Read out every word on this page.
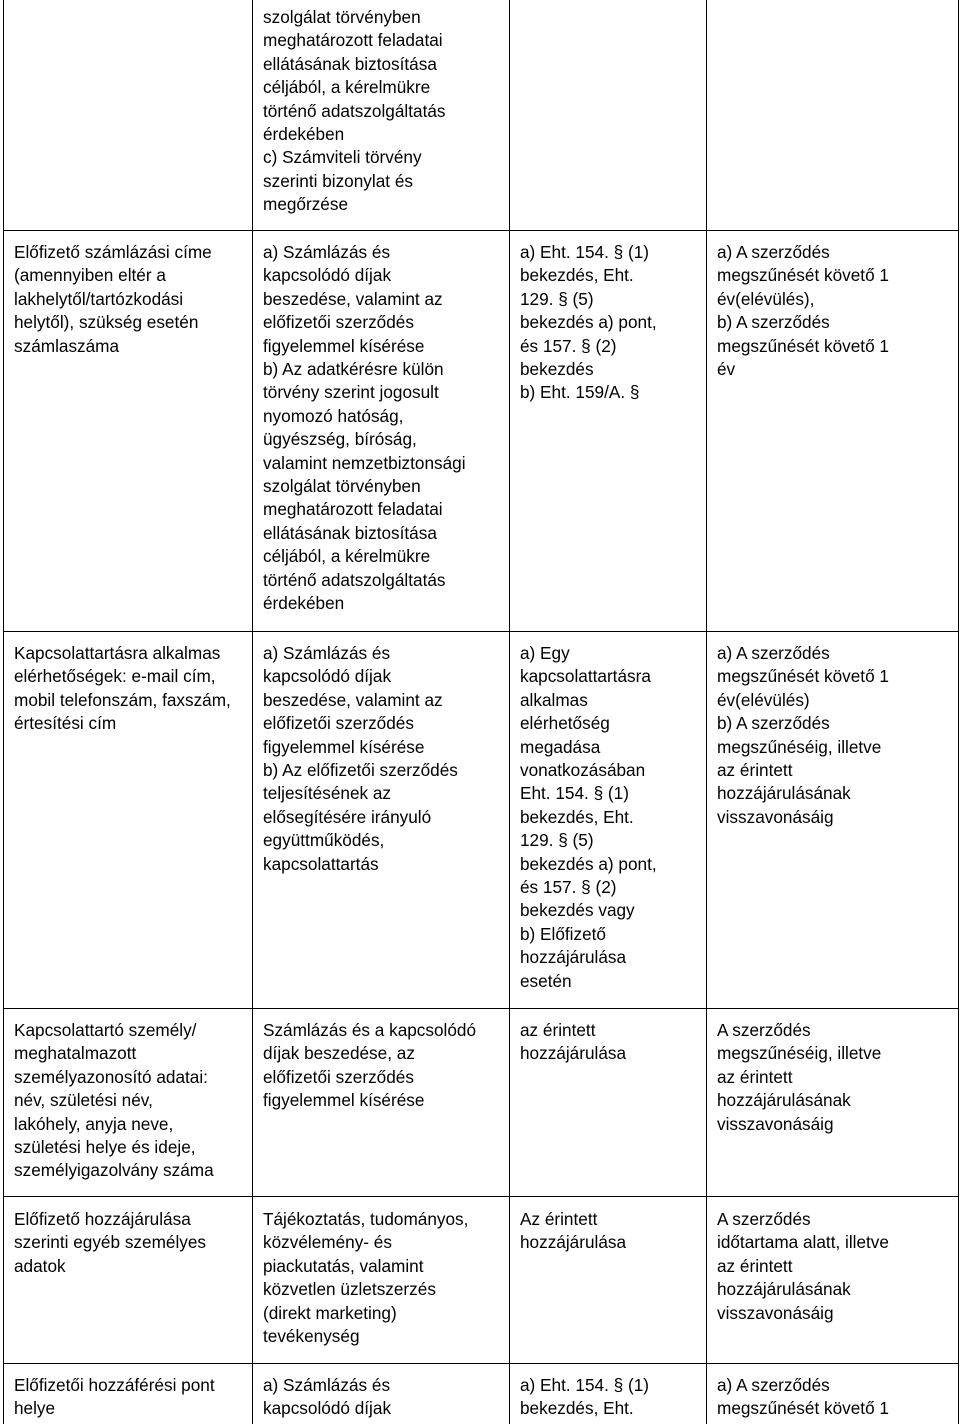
szolgálat törvényben
meghatározott feladatai
ellátásának biztosítása
céljából, a kérelmükre
történő adatszolgáltatás
érdekében
c) Számviteli törvény
szerinti bizonylat és
megőrzése
Előfizető számlázási címe
(amennyiben eltér a
lakhelytől/tartózkodási
helytől), szükség esetén
számlaszáma
a) Számlázás és
kapcsolódó díjak
beszedése, valamint az
előfizetői szerződés
figyelemmel kísérése
b) Az adatkérésre külön
törvény szerint jogosult
nyomozó hatóság,
ügyészség, bíróság,
valamint nemzetbiztonsági
szolgálat törvényben
meghatározott feladatai
ellátásának biztosítása
céljából, a kérelmükre
történő adatszolgáltatás
érdekében
a) Eht. 154. § (1)
bekezdés, Eht.
129. § (5)
bekezdés a) pont,
és 157. § (2)
bekezdés
b) Eht. 159/A. §
a) A szerződés
megszűnését követő 1
év(elévülés),
b) A szerződés
megszűnését követő 1
év
Kapcsolattartásra alkalmas
elérhetőségek: e-mail cím,
mobil telefonszám, faxszám,
értesítési cím
a) Számlázás és
kapcsolódó díjak
beszedése, valamint az
előfizetői szerződés
figyelemmel kísérése
b) Az előfizetői szerződés
teljesítésének az
elősegítésére irányuló
együttműködés,
kapcsolattartás
a) Egy
kapcsolattartásra
alkalmas
elérhetőség
megadása
vonatkozásában
Eht. 154. § (1)
bekezdés, Eht.
129. § (5)
bekezdés a) pont,
és 157. § (2)
bekezdés vagy
b) Előfizető
hozzájárulása
esetén
a) A szerződés
megszűnését követő 1
év(elévülés)
b) A szerződés
megszűnéséig, illetve
az érintett
hozzájárulásának
visszavonásáig
Kapcsolattartó személy/
meghatalmazott
személyazonosító adatai:
név, születési név,
lakóhely, anyja neve,
születési helye és ideje,
személyigazolvány száma
Számlázás és a kapcsolódó
díjak beszedése, az
előfizetői szerződés
figyelemmel kísérése
az érintett
hozzájárulása
A szerződés
megszűnéséig, illetve
az érintett
hozzájárulásának
visszavonásáig
Előfizető hozzájárulása
szerinti egyéb személyes
adatok
Tájékoztatás, tudományos,
közvélemény- és
piackutatás, valamint
közvetlen üzletszerzés
(direkt marketing)
tevékenység
Az érintett
hozzájárulása
A szerződés
időtartama alatt, illetve
az érintett
hozzájárulásának
visszavonásáig
Előfizetői hozzáférési pont
helye
a) Számlázás és
kapcsolódó díjak
a) Eht. 154. § (1)
bekezdés, Eht.
a) A szerződés
megszűnését követő 1
